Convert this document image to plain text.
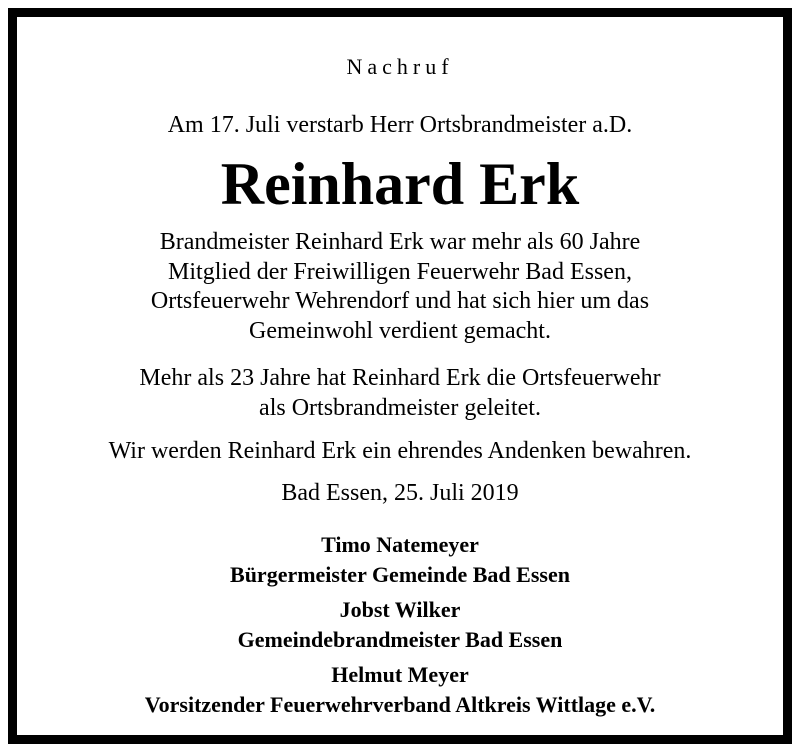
Nachruf
Am 17. Juli verstarb Herr Ortsbrandmeister a.D.
Reinhard Erk
Brandmeister Reinhard Erk war mehr als 60 Jahre
Mitglied der Freiwilligen Feuerwehr Bad Essen,
Ortsfeuerwehr Wehrendorf und hat sich hier um das
Gemeinwohl verdient gemacht.
Mehr als 23 Jahre hat Reinhard Erk die Ortsfeuerwehr
als Ortsbrandmeister geleitet.
Wir werden Reinhard Erk ein ehrendes Andenken bewahren.
Bad Essen, 25. Juli 2019
Timo Natemeyer
Bürgermeister Gemeinde Bad Essen
Jobst Wilker
Gemeindebrandmeister Bad Essen
Helmut Meyer
Vorsitzender Feuerwehrverband Altkreis Wittlage e.V.
